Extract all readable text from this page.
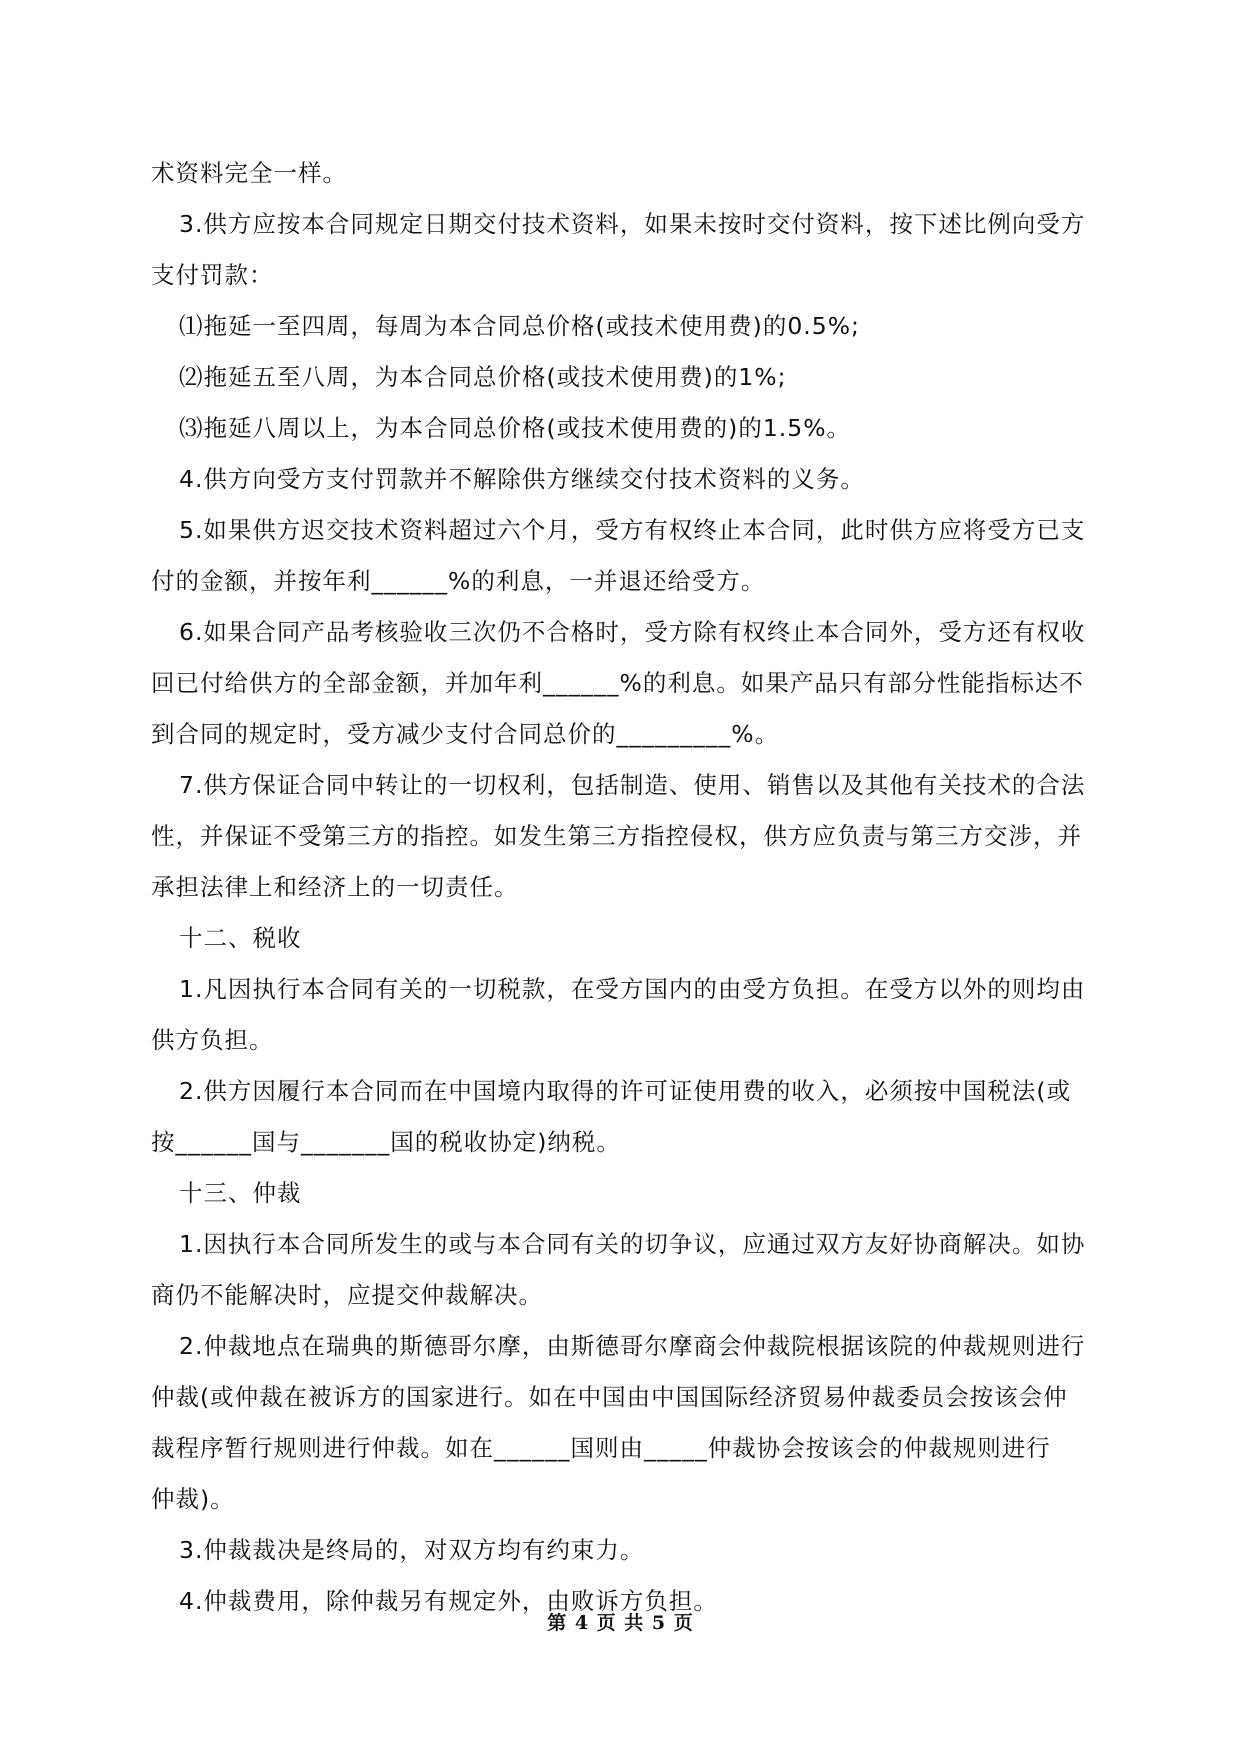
术资料完全一样。
3.供方应按本合同规定日期交付技术资料，如果未按时交付资料，按下述比例向受方
支付罚款：
⑴拖延一至四周，每周为本合同总价格(或技术使用费)的0.5%;
⑵拖延五至八周，为本合同总价格(或技术使用费)的1%;
⑶拖延八周以上，为本合同总价格(或技术使用费的)的1.5%。
4.供方向受方支付罚款并不解除供方继续交付技术资料的义务。
5.如果供方迟交技术资料超过六个月，受方有权终止本合同，此时供方应将受方已支
付的金额，并按年利______%的利息，一并退还给受方。
6.如果合同产品考核验收三次仍不合格时，受方除有权终止本合同外，受方还有权收
回已付给供方的全部金额，并加年利______%的利息。如果产品只有部分性能指标达不
到合同的规定时，受方减少支付合同总价的_________%。
7.供方保证合同中转让的一切权利，包括制造、使用、销售以及其他有关技术的合法
性，并保证不受第三方的指控。如发生第三方指控侵权，供方应负责与第三方交涉，并
承担法律上和经济上的一切责任。
十二、税收
1.凡因执行本合同有关的一切税款，在受方国内的由受方负担。在受方以外的则均由
供方负担。
2.供方因履行本合同而在中国境内取得的许可证使用费的收入，必须按中国税法(或
按______国与_______国的税收协定)纳税。
十三、仲裁
1.因执行本合同所发生的或与本合同有关的切争议，应通过双方友好协商解决。如协
商仍不能解决时，应提交仲裁解决。
2.仲裁地点在瑞典的斯德哥尔摩，由斯德哥尔摩商会仲裁院根据该院的仲裁规则进行
仲裁(或仲裁在被诉方的国家进行。如在中国由中国国际经济贸易仲裁委员会按该会仲
裁程序暂行规则进行仲裁。如在______国则由_____仲裁协会按该会的仲裁规则进行
仲裁)。
3.仲裁裁决是终局的，对双方均有约束力。
4.仲裁费用，除仲裁另有规定外，由败诉方负担。
第 4 页 共 5 页
